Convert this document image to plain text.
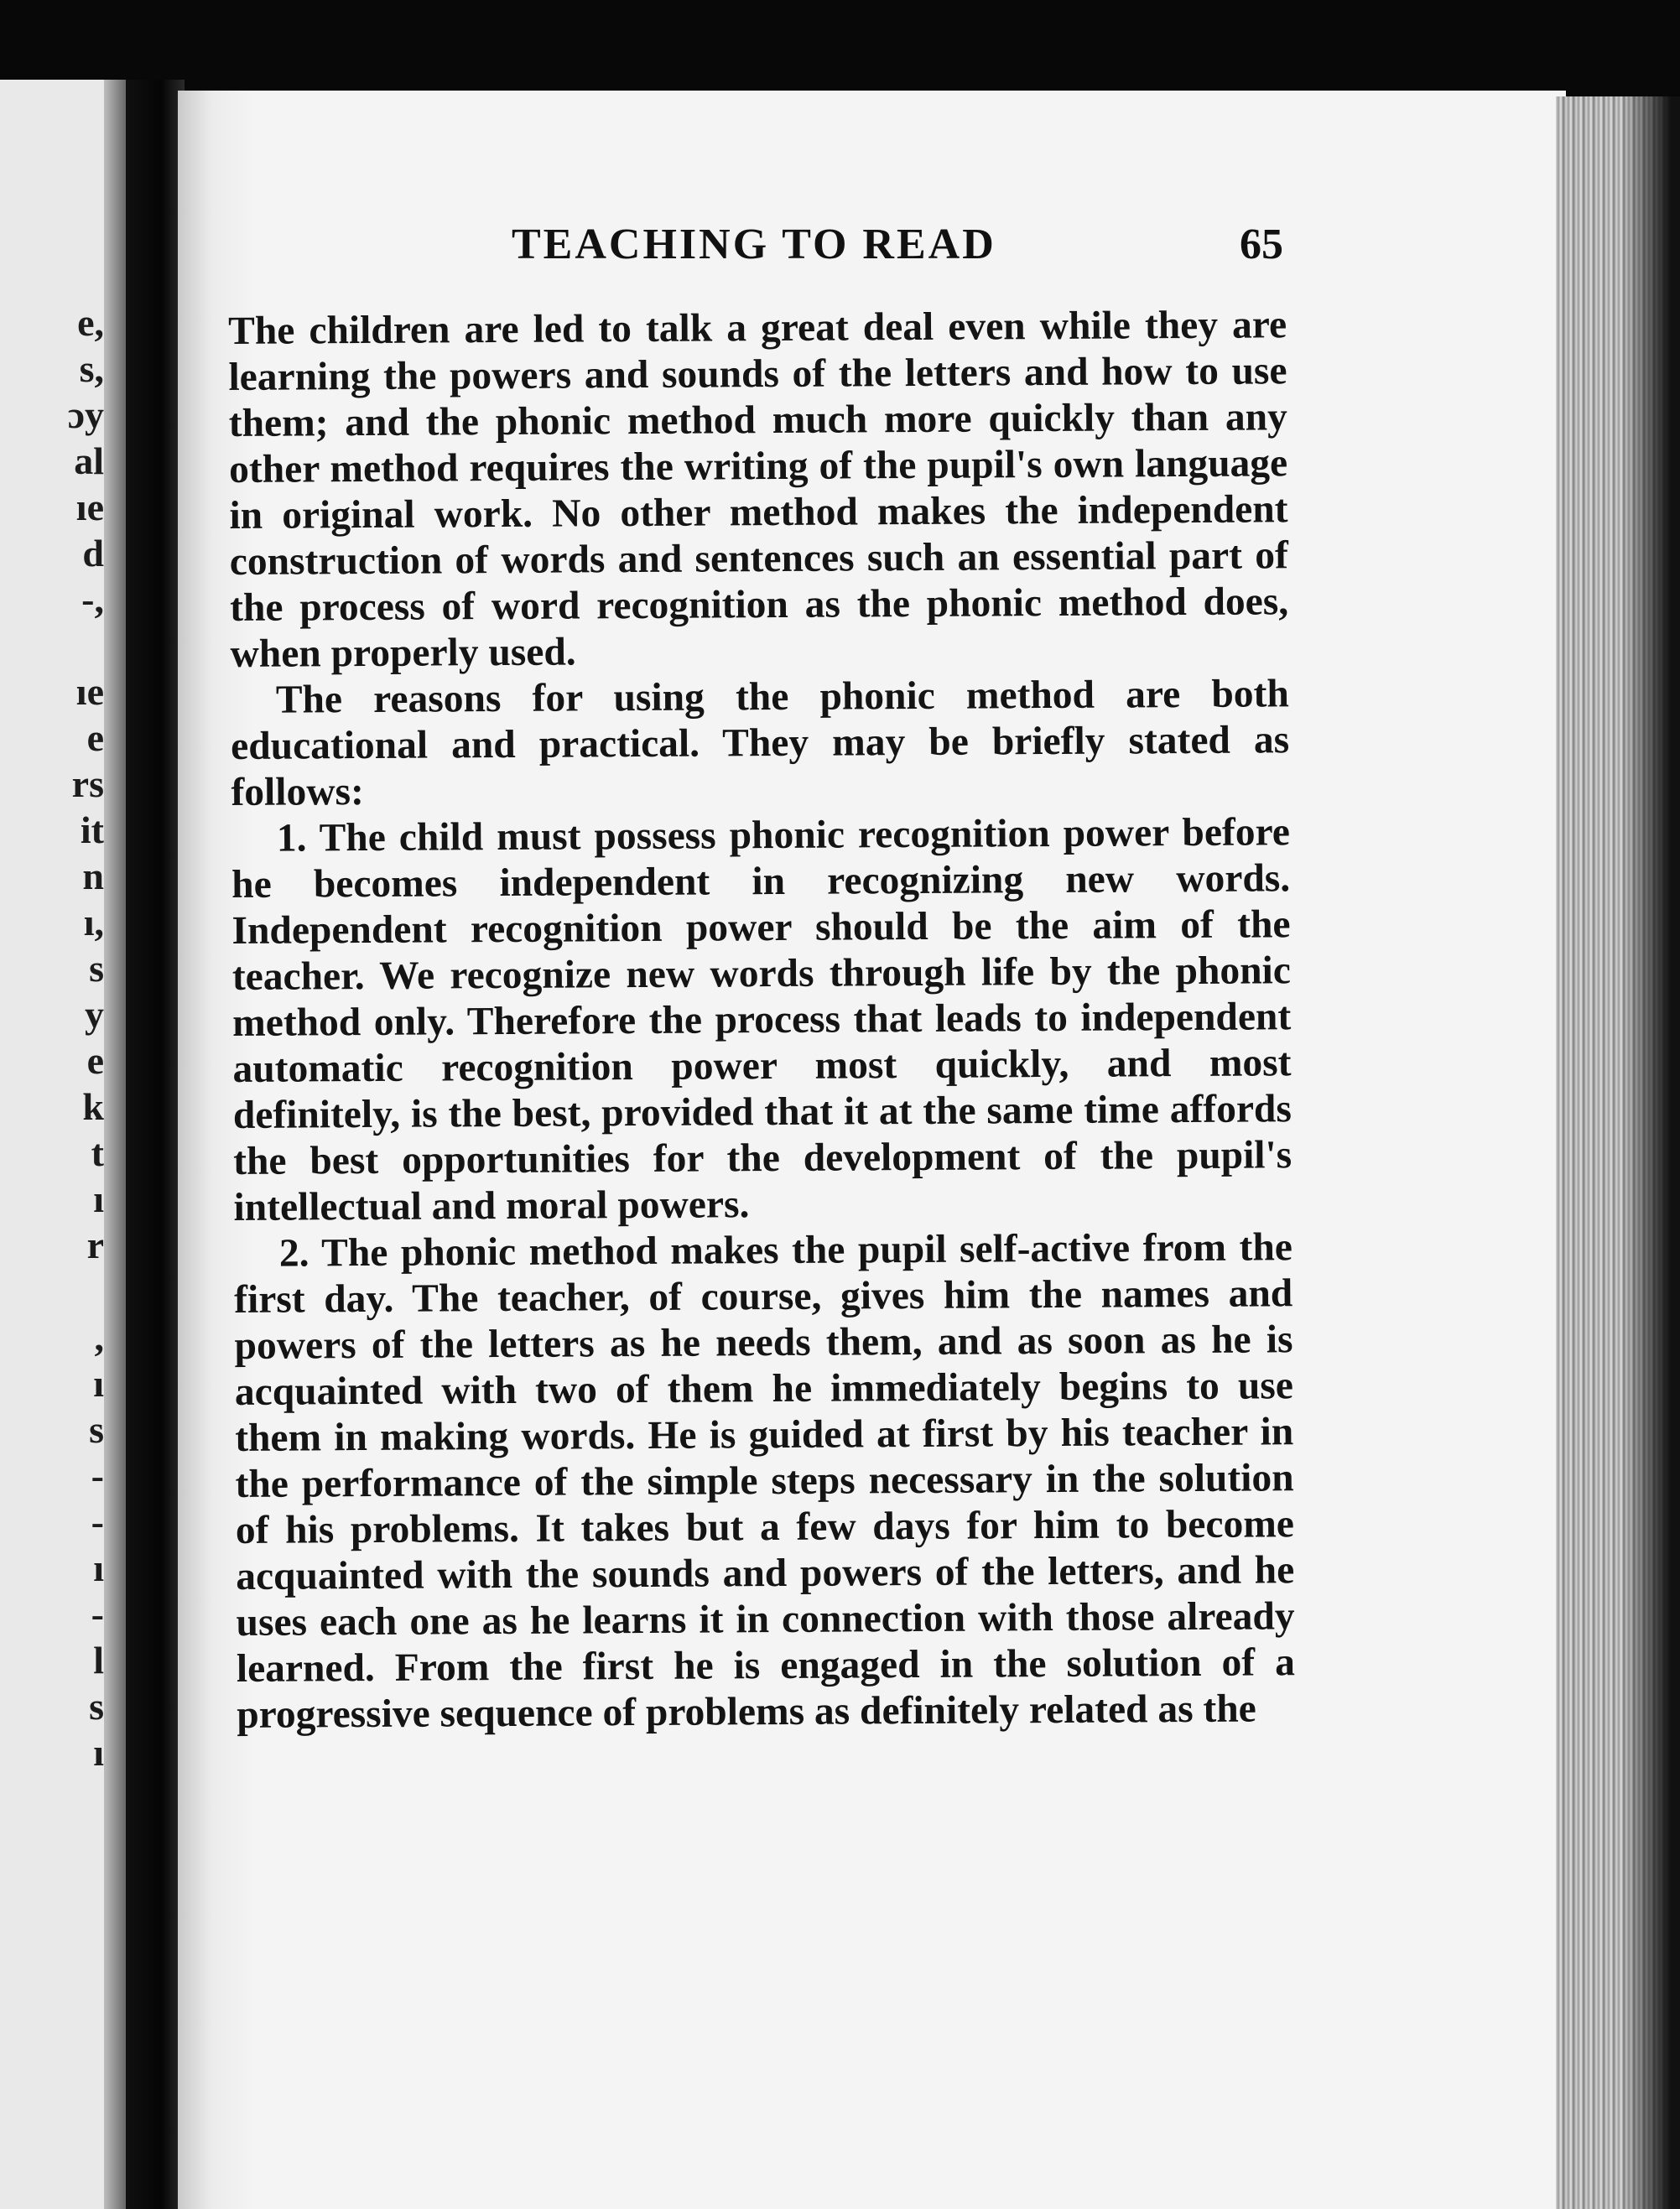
e,
s,
ɔy
al
ıe
d
-,
ıe
e
rs
it
n
ı,
s
y
e
k
t
ı
r
,
ı
s
-
-
ı
-
l
s
ı
TEACHING TO READ	65

The children are led to talk a great deal even while they are learning the powers and sounds of the letters and how to use them; and the phonic method much more quickly than any other method requires the writing of the pupil's own language in original work. No other method makes the independent construction of words and sentences such an essential part of the process of word recognition as the phonic method does, when properly used.

The reasons for using the phonic method are both educational and practical. They may be briefly stated as follows:

1. The child must possess phonic recognition power before he becomes independent in recognizing new words. Independent recognition power should be the aim of the teacher. We recognize new words through life by the phonic method only. Therefore the process that leads to independent automatic recognition power most quickly, and most definitely, is the best, provided that it at the same time affords the best opportunities for the development of the pupil's intellectual and moral powers.

2. The phonic method makes the pupil self-active from the first day. The teacher, of course, gives him the names and powers of the letters as he needs them, and as soon as he is acquainted with two of them he immediately begins to use them in making words. He is guided at first by his teacher in the performance of the simple steps necessary in the solution of his problems. It takes but a few days for him to become acquainted with the sounds and powers of the letters, and he uses each one as he learns it in connection with those already learned. From the first he is engaged in the solution of a progressive sequence of problems as definitely related as the
